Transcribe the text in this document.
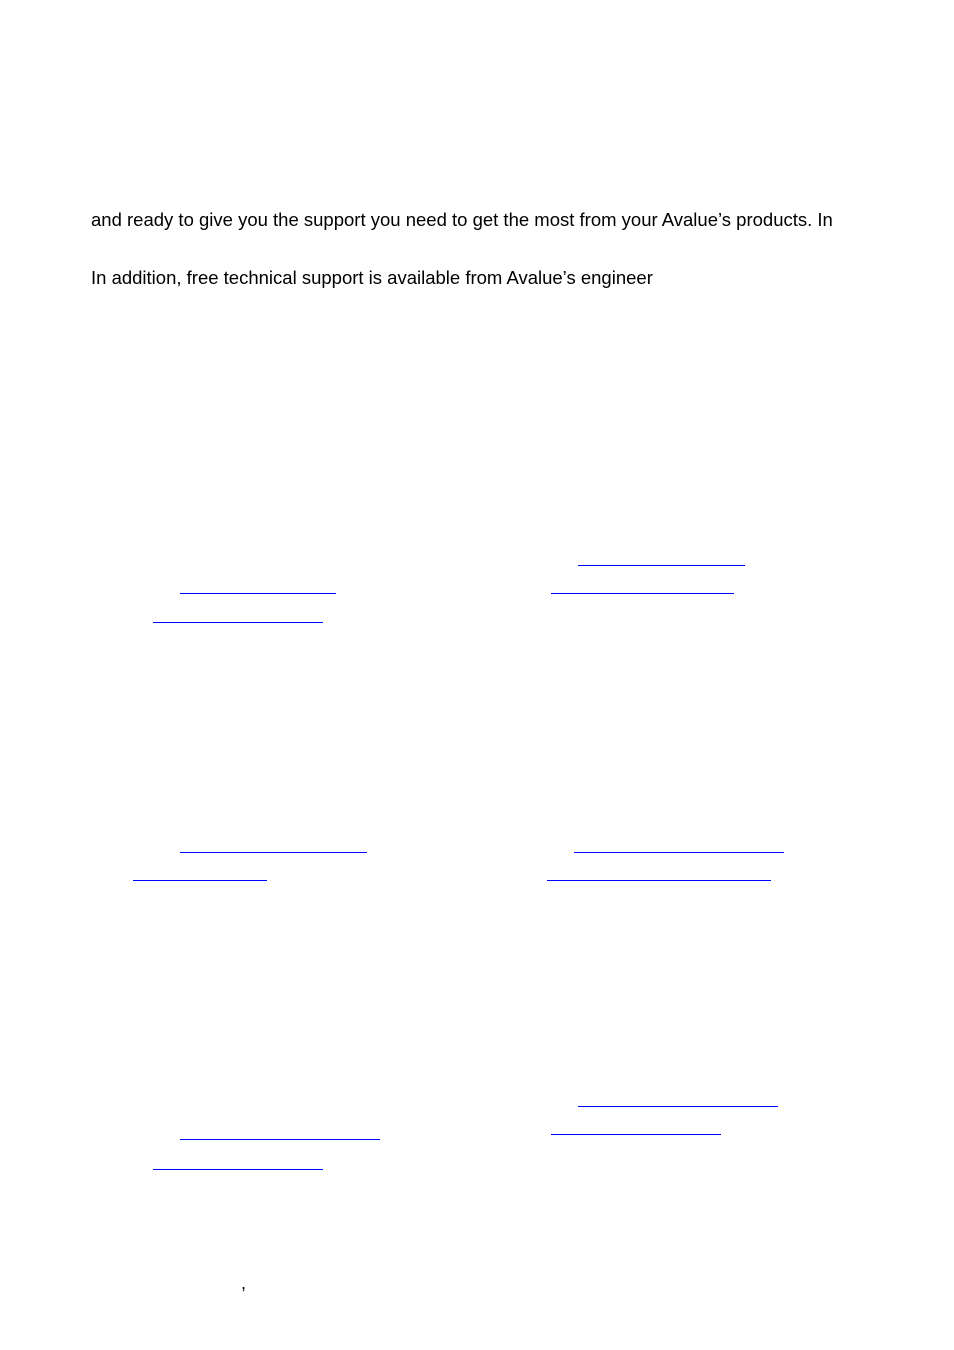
and ready to give you the support you need to get the most from your Avalue’s products. In

In addition, free technical support is available from Avalue’s engineer

,
